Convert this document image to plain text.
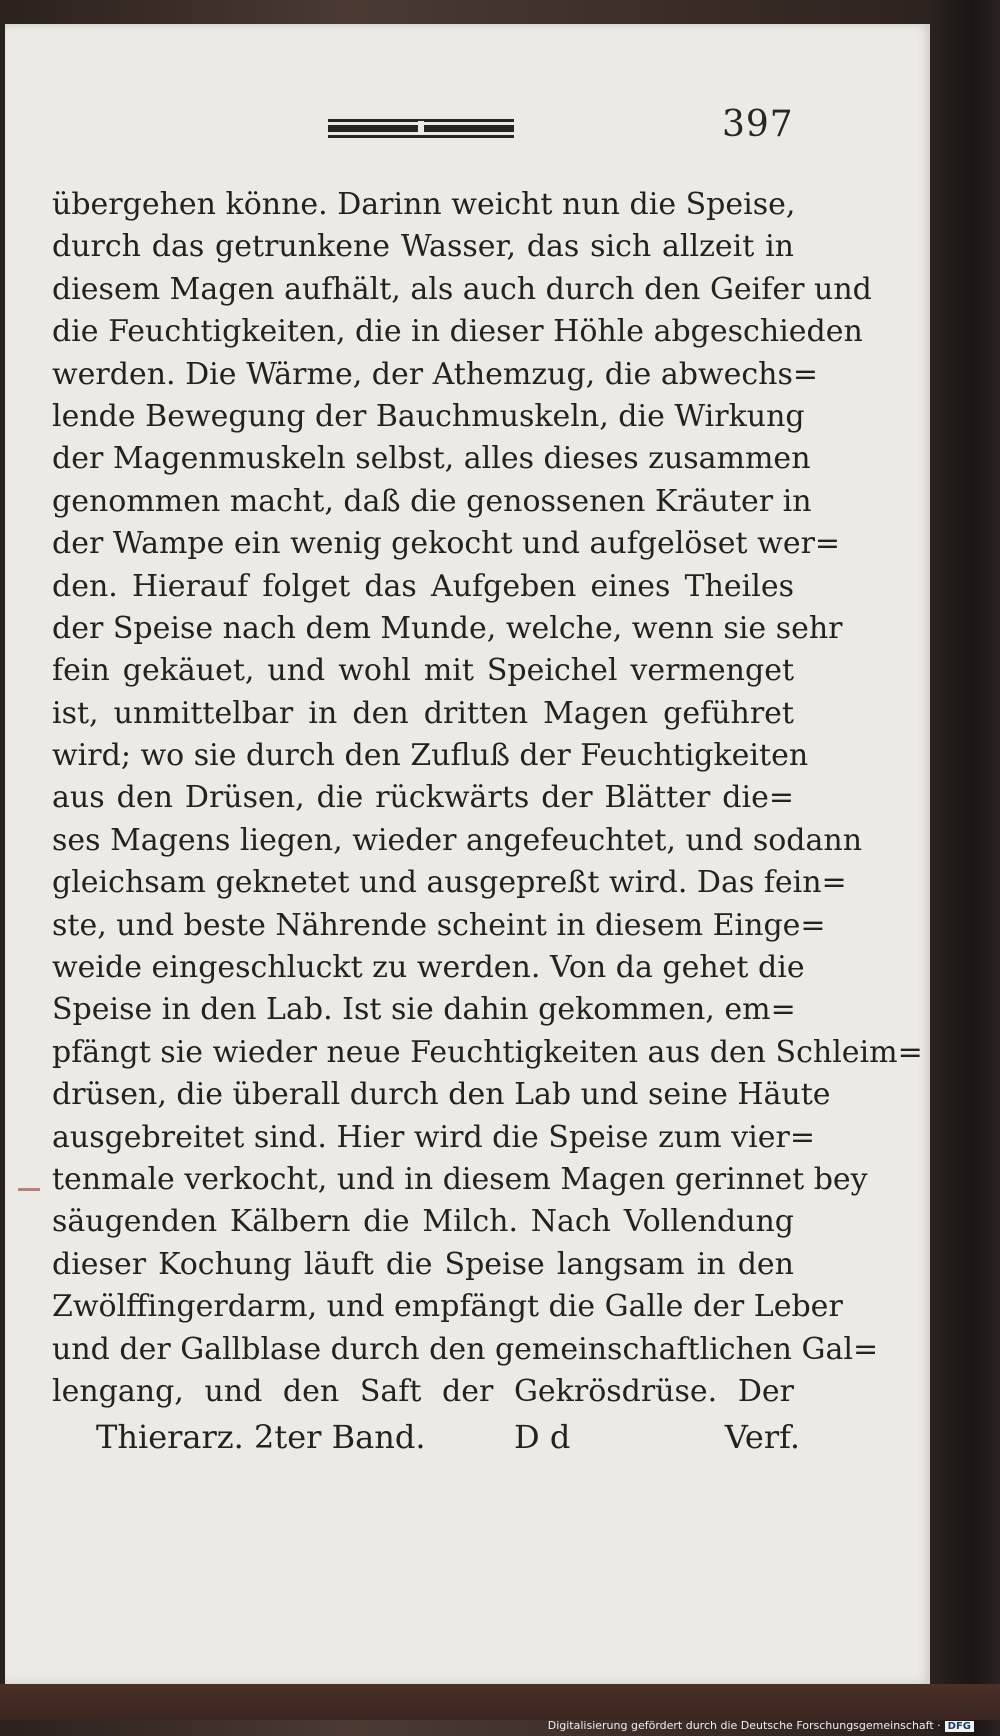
397
übergehen könne. Darinn weicht nun die Speise,
durch das getrunkene Wasser, das sich allzeit in
diesem Magen aufhält, als auch durch den Geifer und
die Feuchtigkeiten, die in dieser Höhle abgeschieden
werden. Die Wärme, der Athemzug, die abwechs=
lende Bewegung der Bauchmuskeln, die Wirkung
der Magenmuskeln selbst, alles dieses zusammen
genommen macht, daß die genossenen Kräuter in
der Wampe ein wenig gekocht und aufgelöset wer=
den. Hierauf folget das Aufgeben eines Theiles
der Speise nach dem Munde, welche, wenn sie sehr
fein gekäuet, und wohl mit Speichel vermenget
ist, unmittelbar in den dritten Magen geführet
wird; wo sie durch den Zufluß der Feuchtigkeiten
aus den Drüsen, die rückwärts der Blätter die=
ses Magens liegen, wieder angefeuchtet, und sodann
gleichsam geknetet und ausgepreßt wird. Das fein=
ste, und beste Nährende scheint in diesem Einge=
weide eingeschluckt zu werden. Von da gehet die
Speise in den Lab. Ist sie dahin gekommen, em=
pfängt sie wieder neue Feuchtigkeiten aus den Schleim=
drüsen, die überall durch den Lab und seine Häute
ausgebreitet sind. Hier wird die Speise zum vier=
tenmale verkocht, und in diesem Magen gerinnet bey
säugenden Kälbern die Milch. Nach Vollendung
dieser Kochung läuft die Speise langsam in den
Zwölffingerdarm, und empfängt die Galle der Leber
und der Gallblase durch den gemeinschaftlichen Gal=
lengang, und den Saft der Gekrösdrüse. Der
Thierarz. 2ter Band.	D d	Verf.
Digitalisierung gefördert durch die Deutsche Forschungsgemeinschaft · DFG
